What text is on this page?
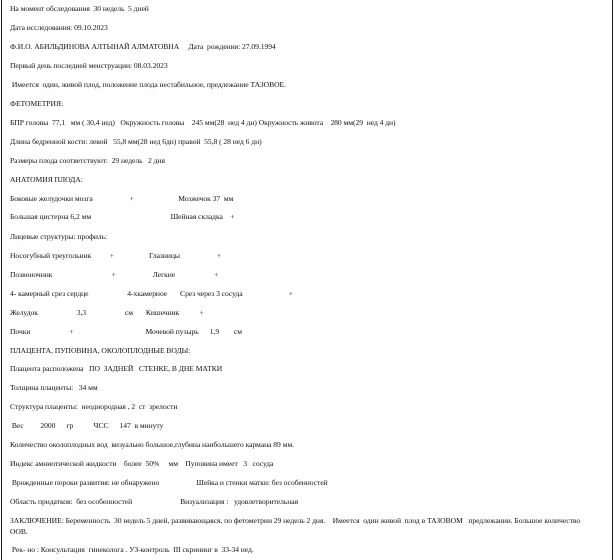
На момент обследования  30 недель  5 дней
Дата исследования: 09.10.2023
Ф.И.О. АБИЛЬДИНОВА АЛТЫНАЙ АЛМАТОВНА     Дата  рождения: 27.09.1994
Первый день последней менструации: 08.03.2023
Имеется  один, живой плод, положение плода нестабильное, предлежание ТАЗОВОЕ.
ФЕТОМЕТРИЯ:
БПР головы  77,1   мм ( 30,4 нед)   Окружность головы    245 мм(28  нед 4 дн) Окружность живота    280 мм(29  нед 4 дн)
Длина бедренной кости: левой   55,8 мм(28 нед 6дн) правой  55,8 ( 28 нед 6 дн)
Размеры плода соответствуют:  29 недель   2 дня
АНАТОМИЯ ПЛОДА:
Боковые желудочки мозга                    +                        Мозжечок 37  мм
Большая цистерна 6,2 мм                                           Шейная складка    +
Лицевые структуры: профиль:
Носогубный треугольник          +                   Глазницы                    +
Позвоночник                                +                    Легкие                     +
4- камерный срез сердце                     4-хкамерное       Срез через 3 сосуда                         +
Желудок                     3,3                     см       Кишечник           +
Почки                     +                                       Мочевой пузырь      1,9        см
ПЛАЦЕНТА, ПУПОВИНА, ОКОЛОПЛОДНЫЕ ВОДЫ:
Плацента расположена   ПО  ЗАДНЕЙ   СТЕНКЕ, В ДНЕ МАТКИ
Толщина плаценты:   34 мм
Структура плаценты:  неоднородная , 2  ст  зрелости
Вес         2000      гр           ЧСС      147  в минуту
Количество околоплодных вод  визуально большое,глубина наибольшего кармана 89 мм.
Индекс амниотической жидкости    более  50%     мм    Пуповина имеет   3   сосуда
Врожденные пороки развития: не обнаружено                    Шейка и стенки матки: без особенностей
Область придатков:  без особенностей                          Визуализация :   удовлетворительная
ЗАКЛЮЧЕНИЕ: Беременность  30 недель 5 дней, развивающаяся, по фетометрии 29 недель 2 дня.    Имеется  один живой  плод в ТАЗОВОМ   предлежании. Большое количество
ООВ.
Рек- но : Консультация  гинеколога . УЗ-контроль  III скрининг в  33-34 нед.
